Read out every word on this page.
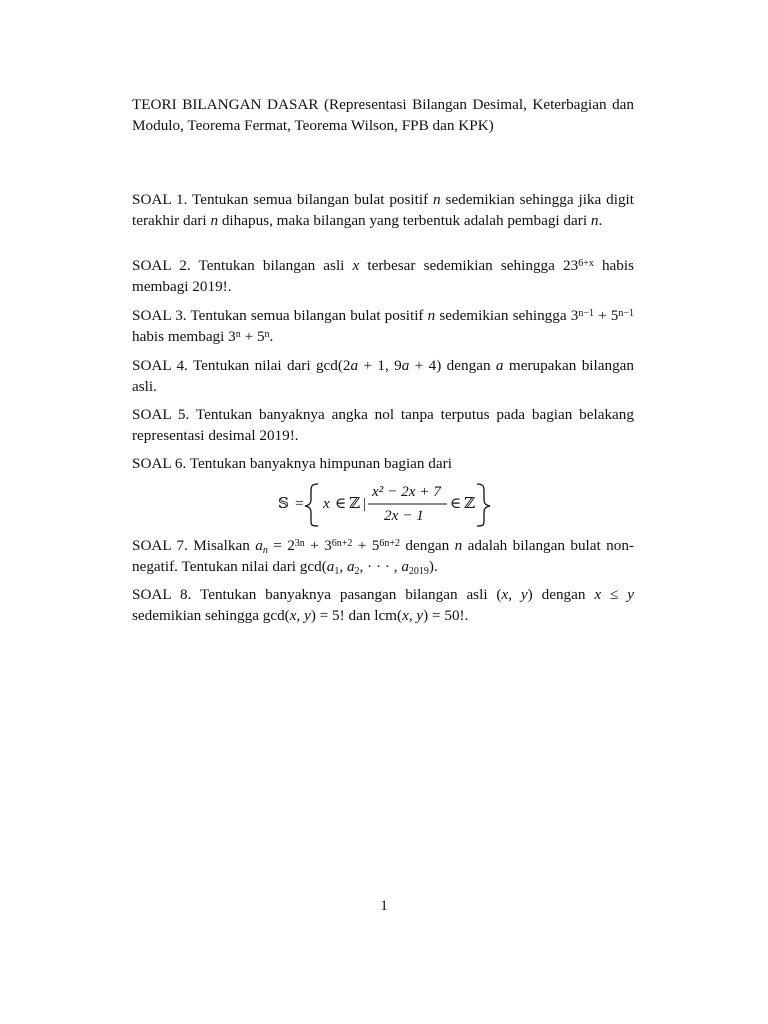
TEORI BILANGAN DASAR (Representasi Bilangan Desimal, Keterbagian dan Modulo, Teorema Fermat, Teorema Wilson, FPB dan KPK)

SOAL 1. Tentukan semua bilangan bulat positif n sedemikian sehingga jika digit terakhir dari n dihapus, maka bilangan yang terbentuk adalah pembagi dari n.

SOAL 2. Tentukan bilangan asli x terbesar sedemikian sehingga $23^{6+x}$ habis membagi 2019!.

SOAL 3. Tentukan semua bilangan bulat positif n sedemikian sehingga $3^{n-1} + 5^{n-1}$ habis membagi $3^n + 5^n$.

SOAL 4. Tentukan nilai dari gcd(2a + 1, 9a + 4) dengan a merupakan bilangan asli.

SOAL 5. Tentukan banyaknya angka nol tanpa terputus pada bagian belakang representasi desimal 2019!.

SOAL 6. Tentukan banyaknya himpunan bagian dari

𝕊 = x ∈ ℤ |
x² − 2x + 7
2x − 1
∈ ℤ

SOAL 7. Misalkan $a_n = 2^{3n} + 3^{6n+2} + 5^{6n+2}$ dengan n adalah bilangan bulat non-negatif. Tentukan nilai dari $\gcd(a_1$, $a_2$, · · · , $a_{2019}$).

SOAL 8. Tentukan banyaknya pasangan bilangan asli (x, y) dengan x ≤ y sedemikian sehingga gcd(x, y) = 5! dan lcm(x, y) = 50!.

1
